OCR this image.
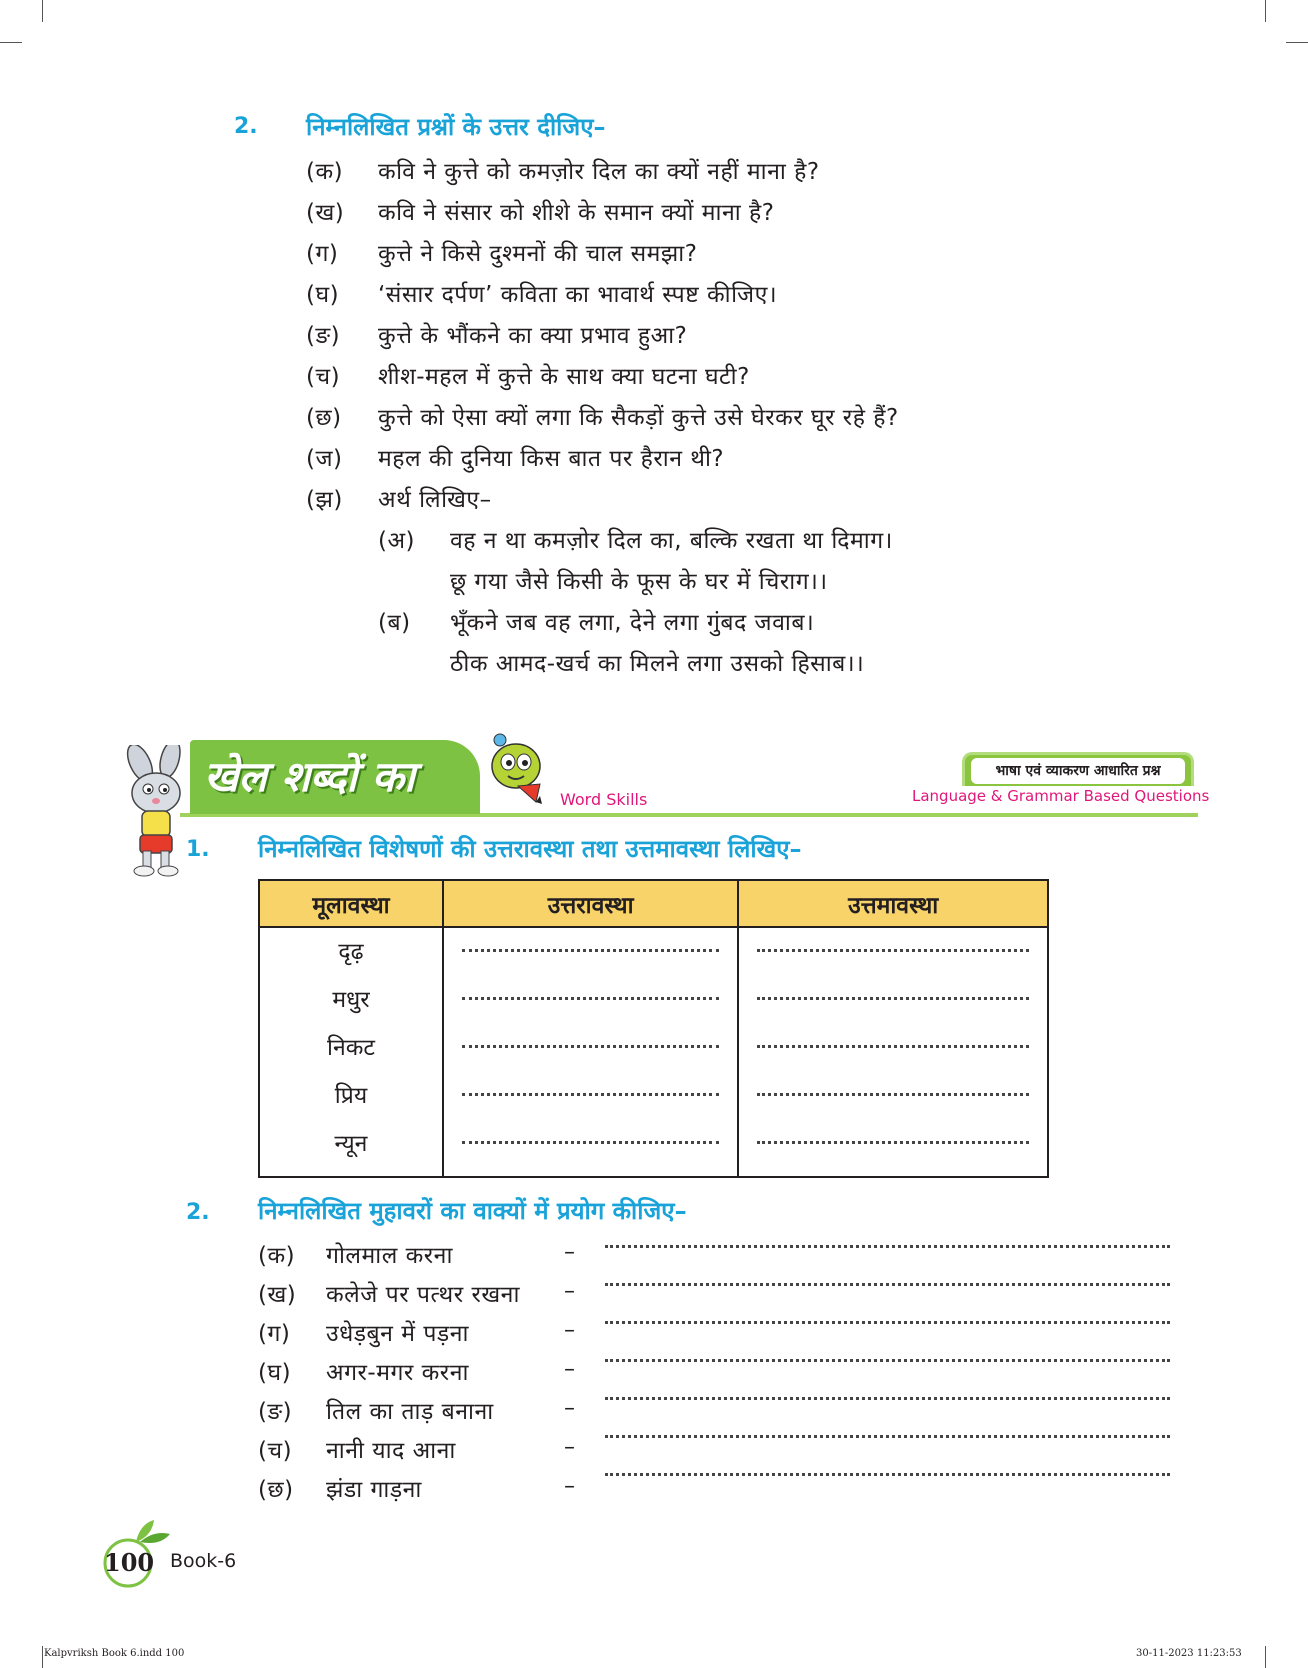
2. निम्नलिखित प्रश्नों के उत्तर दीजिए–
(क) कवि ने कुत्ते को कमज़ोर दिल का क्यों नहीं माना है?
(ख) कवि ने संसार को शीशे के समान क्यों माना है?
(ग) कुत्ते ने किसे दुश्मनों की चाल समझा?
(घ) ‘संसार दर्पण’ कविता का भावार्थ स्पष्ट कीजिए।
(ङ) कुत्ते के भौंकने का क्या प्रभाव हुआ?
(च) शीश-महल में कुत्ते के साथ क्या घटना घटी?
(छ) कुत्ते को ऐसा क्यों लगा कि सैकड़ों कुत्ते उसे घेरकर घूर रहे हैं?
(ज) महल की दुनिया किस बात पर हैरान थी?
(झ) अर्थ लिखिए–
(अ) वह न था कमज़ोर दिल का, बल्कि रखता था दिमाग।
छू गया जैसे किसी के फूस के घर में चिराग।।
(ब) भूँकने जब वह लगा, देने लगा गुंबद जवाब।
ठीक आमद-खर्च का मिलने लगा उसको हिसाब।।
खेल शब्दों का	Word Skills
भाषा एवं व्याकरण आधारित प्रश्न
Language & Grammar Based Questions
1. निम्नलिखित विशेषणों की उत्तरावस्था तथा उत्तमावस्था लिखिए–
मूलावस्था	उत्तरावस्था	उत्तमावस्था

दृढ़
मधुर
निकट
प्रिय
न्यून		

2. निम्नलिखित मुहावरों का वाक्यों में प्रयोग कीजिए–
(क) गोलमाल करना	–
(ख) कलेजे पर पत्थर रखना –
(ग) उधेड़बुन में पड़ना	–
(घ) अगर-मगर करना	–
(ङ) तिल का ताड़ बनाना	–
(च) नानी याद आना	–
(छ) झंडा गाड़ना	–
100 Book-6
Kalpvriksh Book 6.indd 100	30-11-2023 11:23:53
